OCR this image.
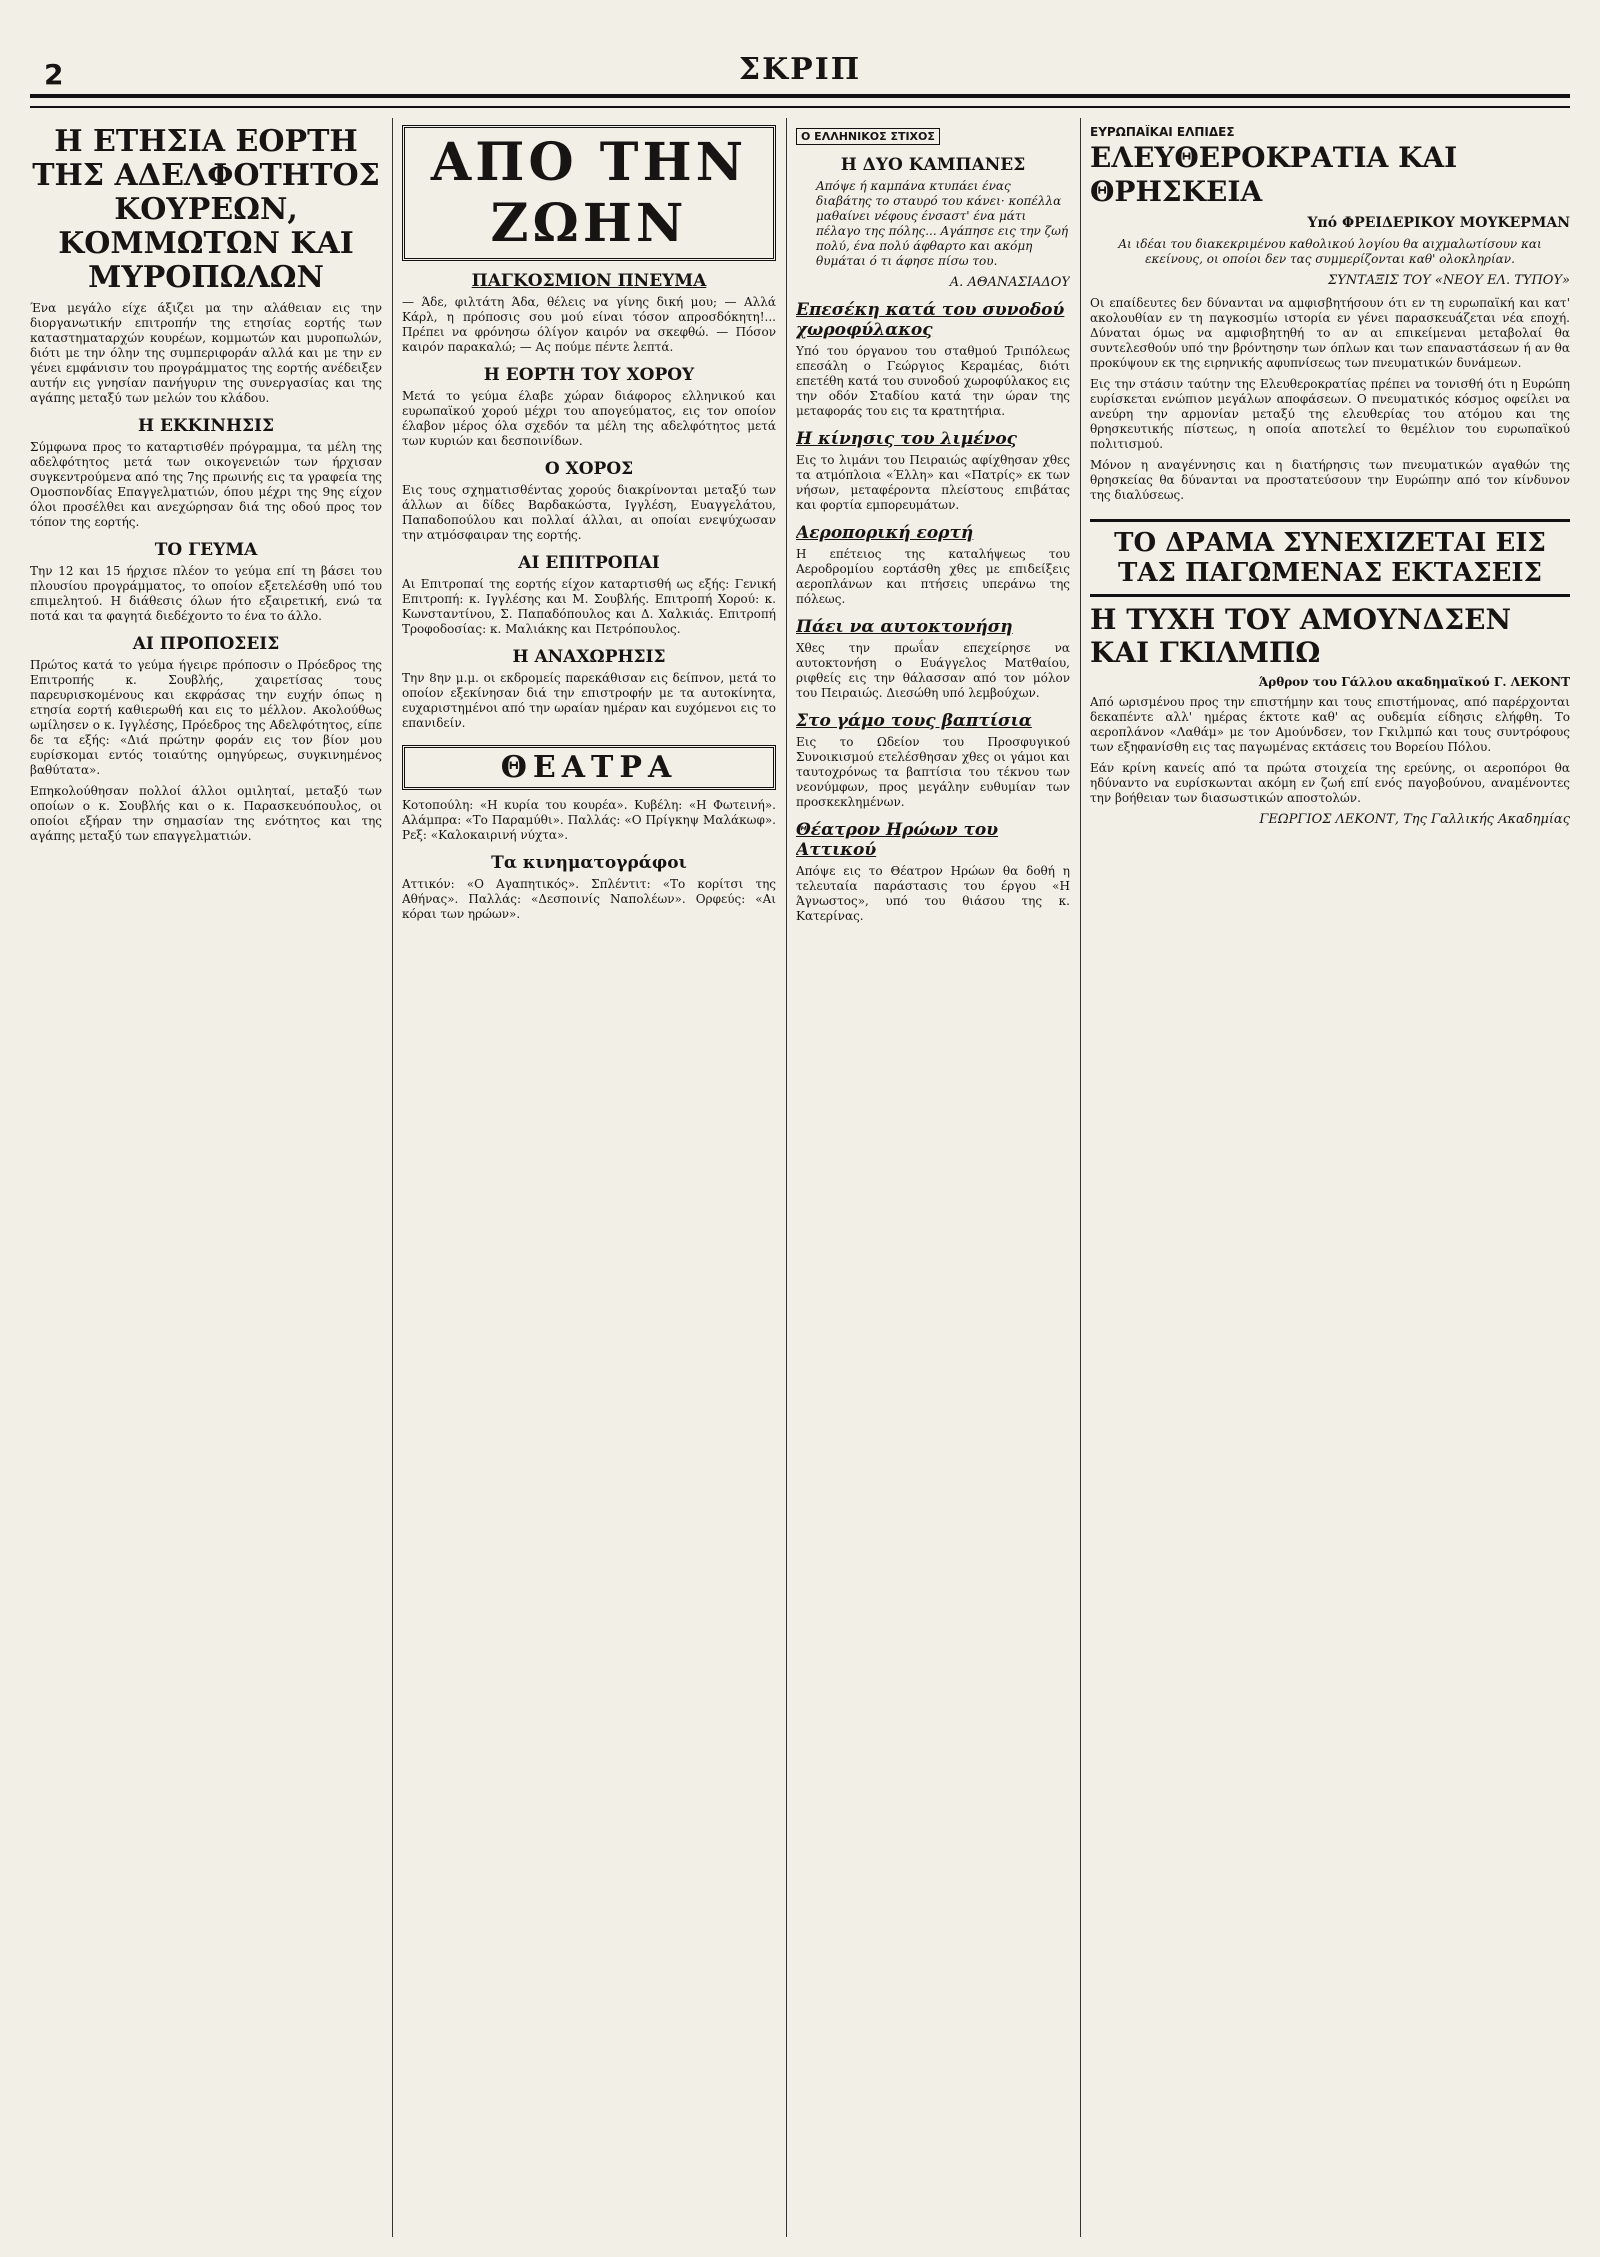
2	ΣΚΡΙΠ
Η ΕΤΗΣΙΑ ΕΟΡΤΗ ΤΗΣ ΑΔΕΛΦΟΤΗΤΟΣ ΚΟΥΡΕΩΝ, ΚΟΜΜΩΤΩΝ ΚΑΙ ΜΥΡΟΠΩΛΩΝ

Ένα μεγάλο είχε άξιζει μα την αλάθειαν εις την διοργανωτικήν επιτροπήν της ετησίας εορτής των καταστηματαρχών κουρέων, κομμωτών και μυροπωλών, διότι με την όλην της συμπεριφοράν αλλά και με την εν γένει εμφάνισιν του προγράμματος της εορτής ανέδειξεν αυτήν εις γνησίαν πανήγυριν της συνεργασίας και της αγάπης μεταξύ των μελών του κλάδου.

Η ΕΚΚΙΝΗΣΙΣ

Σύμφωνα προς το καταρτισθέν πρόγραμμα, τα μέλη της αδελφότητος μετά των οικογενειών των ήρχισαν συγκεντρούμενα από της 7ης πρωινής εις τα γραφεία της Ομοσπονδίας Επαγγελματιών, όπου μέχρι της 9ης είχον όλοι προσέλθει και ανεχώρησαν διά της οδού προς τον τόπον της εορτής.

ΤΟ ΓΕΥΜΑ

Την 12 και 15 ήρχισε πλέον το γεύμα επί τη βάσει του πλουσίου προγράμματος, το οποίον εξετελέσθη υπό του επιμελητού. Η διάθεσις όλων ήτο εξαιρετική, ενώ τα ποτά και τα φαγητά διεδέχοντο το ένα το άλλο.

ΑΙ ΠΡΟΠΟΣΕΙΣ

Πρώτος κατά το γεύμα ήγειρε πρόποσιν ο Πρόεδρος της Επιτροπής κ. Σουβλής, χαιρετίσας τους παρευρισκομένους και εκφράσας την ευχήν όπως η ετησία εορτή καθιερωθή και εις το μέλλον. Ακολούθως ωμίλησεν ο κ. Ιγγλέσης, Πρόεδρος της Αδελφότητος, είπε δε τα εξής: «Διά πρώτην φοράν εις τον βίον μου ευρίσκομαι εντός τοιαύτης ομηγύρεως, συγκινημένος βαθύτατα».

Επηκολούθησαν πολλοί άλλοι ομιληταί, μεταξύ των οποίων ο κ. Σουβλής και ο κ. Παρασκευόπουλος, οι οποίοι εξήραν την σημασίαν της ενότητος και της αγάπης μεταξύ των επαγγελματιών.

ΑΠΟ ΤΗΝ ΖΩΗΝ
ΠΑΓΚΟΣΜΙΟΝ ΠΝΕΥΜΑ

— Άδε, φιλτάτη Άδα, θέλεις να γίνης δική μου; — Αλλά Κάρλ, η πρόποσις σου μού είναι τόσον απροσδόκητη!... Πρέπει να φρόνησω όλίγον καιρόν να σκεφθώ. — Πόσον καιρόν παρακαλώ; — Ας πούμε πέντε λεπτά.

Η ΕΟΡΤΗ ΤΟΥ ΧΟΡΟΥ

Μετά το γεύμα έλαβε χώραν διάφορος ελληνικού και ευρωπαϊκού χορού μέχρι του απογεύματος, εις τον οποίον έλαβον μέρος όλα σχεδόν τα μέλη της αδελφότητος μετά των κυριών και δεσποινίδων.

Ο ΧΟΡΟΣ

Εις τους σχηματισθέντας χορούς διακρίνονται μεταξύ των άλλων αι δίδες Βαρδακώστα, Ιγγλέση, Ευαγγελάτου, Παπαδοπούλου και πολλαί άλλαι, αι οποίαι ενεψύχωσαν την ατμόσφαιραν της εορτής.

ΑΙ ΕΠΙΤΡΟΠΑΙ

Αι Επιτροπαί της εορτής είχον καταρτισθή ως εξής: Γενική Επιτροπή: κ. Ιγγλέσης και Μ. Σουβλής. Επιτροπή Χορού: κ. Κωνσταντίνου, Σ. Παπαδόπουλος και Δ. Χαλκιάς. Επιτροπή Τροφοδοσίας: κ. Μαλιάκης και Πετρόπουλος.

Η ΑΝΑΧΩΡΗΣΙΣ

Την 8ην μ.μ. οι εκδρομείς παρεκάθισαν εις δείπνον, μετά το οποίον εξεκίνησαν διά την επιστροφήν με τα αυτοκίνητα, ευχαριστημένοι από την ωραίαν ημέραν και ευχόμενοι εις το επανιδείν.

ΘΕΑΤΡΑ

Κοτοπούλη: «Η κυρία του κουρέα». Κυβέλη: «Η Φωτεινή». Αλάμπρα: «Το Παραμύθι». Παλλάς: «Ο Πρίγκηψ Μαλάκωφ». Ρεξ: «Καλοκαιρινή νύχτα».

Τα κινηματογράφοι

Αττικόν: «Ο Αγαπητικός». Σπλέντιτ: «Το κορίτσι της Αθήνας». Παλλάς: «Δεσποινίς Ναπολέων». Ορφεύς: «Αι κόραι των ηρώων».

Ο ΕΛΛΗΝΙΚΟΣ ΣΤΙΧΟΣ
Η ΔΥΟ ΚΑΜΠΑΝΕΣ

Απόψε ή καμπάνα κτυπάει ένας διαβάτης το σταυρό του κάνει· κοπέλλα μαθαίνει νέφους ένσαστ' ένα μάτι πέλαγο της πόλης... Αγάπησε εις την ζωή πολύ, ένα πολύ άφθαρτο και ακόμη θυμάται ό τι άφησε πίσω του.

Α. ΑΘΑΝΑΣΙΑΔΟΥ
Επεσέκη κατά του συνοδού χωροφύλακος

Υπό του όργανου του σταθμού Τριπόλεως επεσάλη ο Γεώργιος Κεραμέας, διότι επετέθη κατά του συνοδού χωροφύλακος εις την οδόν Σταδίου κατά την ώραν της μεταφοράς του εις τα κρατητήρια.

Η κίνησις του λιμένος

Εις το λιμάνι του Πειραιώς αφίχθησαν χθες τα ατμόπλοια «Έλλη» και «Πατρίς» εκ των νήσων, μεταφέροντα πλείστους επιβάτας και φορτία εμπορευμάτων.

Αεροπορική εορτή

Η επέτειος της καταλήψεως του Αεροδρομίου εορτάσθη χθες με επιδείξεις αεροπλάνων και πτήσεις υπεράνω της πόλεως.

Πάει να αυτοκτονήση

Χθες την πρωΐαν επεχείρησε να αυτοκτονήση ο Ευάγγελος Ματθαίου, ριφθείς εις την θάλασσαν από τον μόλον του Πειραιώς. Διεσώθη υπό λεμβούχων.

Στο γάμο τους βαπτίσια

Εις το Ωδείον του Προσφυγικού Συνοικισμού ετελέσθησαν χθες οι γάμοι και ταυτοχρόνως τα βαπτίσια του τέκνου των νεονύμφων, προς μεγάλην ευθυμίαν των προσκεκλημένων.

Θέατρον Ηρώων του Αττικού

Απόψε εις το Θέατρον Ηρώων θα δοθή η τελευταία παράστασις του έργου «Η Άγνωστος», υπό του θιάσου της κ. Κατερίνας.

ΕΥΡΩΠΑΪΚΑΙ ΕΛΠΙΔΕΣ
ΕΛΕΥΘΕΡΟΚΡΑΤΙΑ ΚΑΙ ΘΡΗΣΚΕΙΑ
Υπό ΦΡΕΙΔΕΡΙΚΟΥ ΜΟΥΚΕΡΜΑΝ

Αι ιδέαι του διακεκριμένου καθολικού λογίου θα αιχμαλωτίσουν και εκείνους, οι οποίοι δεν τας συμμερίζονται καθ' ολοκληρίαν.

ΣΥΝΤΑΞΙΣ ΤΟΥ «ΝΕΟΥ ΕΛ. ΤΥΠΟΥ»

Οι επαίδευτες δεν δύνανται να αμφισβητήσουν ότι εν τη ευρωπαϊκή και κατ' ακολουθίαν εν τη παγκοσμίω ιστορία εν γένει παρασκευάζεται νέα εποχή. Δύναται όμως να αμφισβητηθή το αν αι επικείμεναι μεταβολαί θα συντελεσθούν υπό την βρόντησην των όπλων και των επαναστάσεων ή αν θα προκύψουν εκ της ειρηνικής αφυπνίσεως των πνευματικών δυνάμεων.

Εις την στάσιν ταύτην της Ελευθεροκρατίας πρέπει να τονισθή ότι η Ευρώπη ευρίσκεται ενώπιον μεγάλων αποφάσεων. Ο πνευματικός κόσμος οφείλει να ανεύρη την αρμονίαν μεταξύ της ελευθερίας του ατόμου και της θρησκευτικής πίστεως, η οποία αποτελεί το θεμέλιον του ευρωπαϊκού πολιτισμού.

Μόνον η αναγέννησις και η διατήρησις των πνευματικών αγαθών της θρησκείας θα δύνανται να προστατεύσουν την Ευρώπην από τον κίνδυνον της διαλύσεως.

ΤΟ ΔΡΑΜΑ ΣΥΝΕΧΙΖΕΤΑΙ ΕΙΣ ΤΑΣ ΠΑΓΩΜΕΝΑΣ ΕΚΤΑΣΕΙΣ
Η ΤΥΧΗ ΤΟΥ ΑΜΟΥΝΔΣΕΝ ΚΑΙ ΓΚΙΛΜΠΩ
Άρθρον του Γάλλου ακαδημαϊκού Γ. ΛΕΚΟΝΤ

Από ωρισμένου προς την επιστήμην και τους επιστήμονας, από παρέρχονται δεκαπέντε αλλ' ημέρας έκτοτε καθ' ας ουδεμία είδησις ελήφθη. Το αεροπλάνον «Λαθάμ» με τον Αμούνδσεν, τον Γκιλμπώ και τους συντρόφους των εξηφανίσθη εις τας παγωμένας εκτάσεις του Βορείου Πόλου.

Εάν κρίνη κανείς από τα πρώτα στοιχεία της ερεύνης, οι αεροπόροι θα ηδύναντο να ευρίσκωνται ακόμη εν ζωή επί ενός παγοβούνου, αναμένοντες την βοήθειαν των διασωστικών αποστολών.

ΓΕΩΡΓΙΟΣ ΛΕΚΟΝΤ, Της Γαλλικής Ακαδημίας
